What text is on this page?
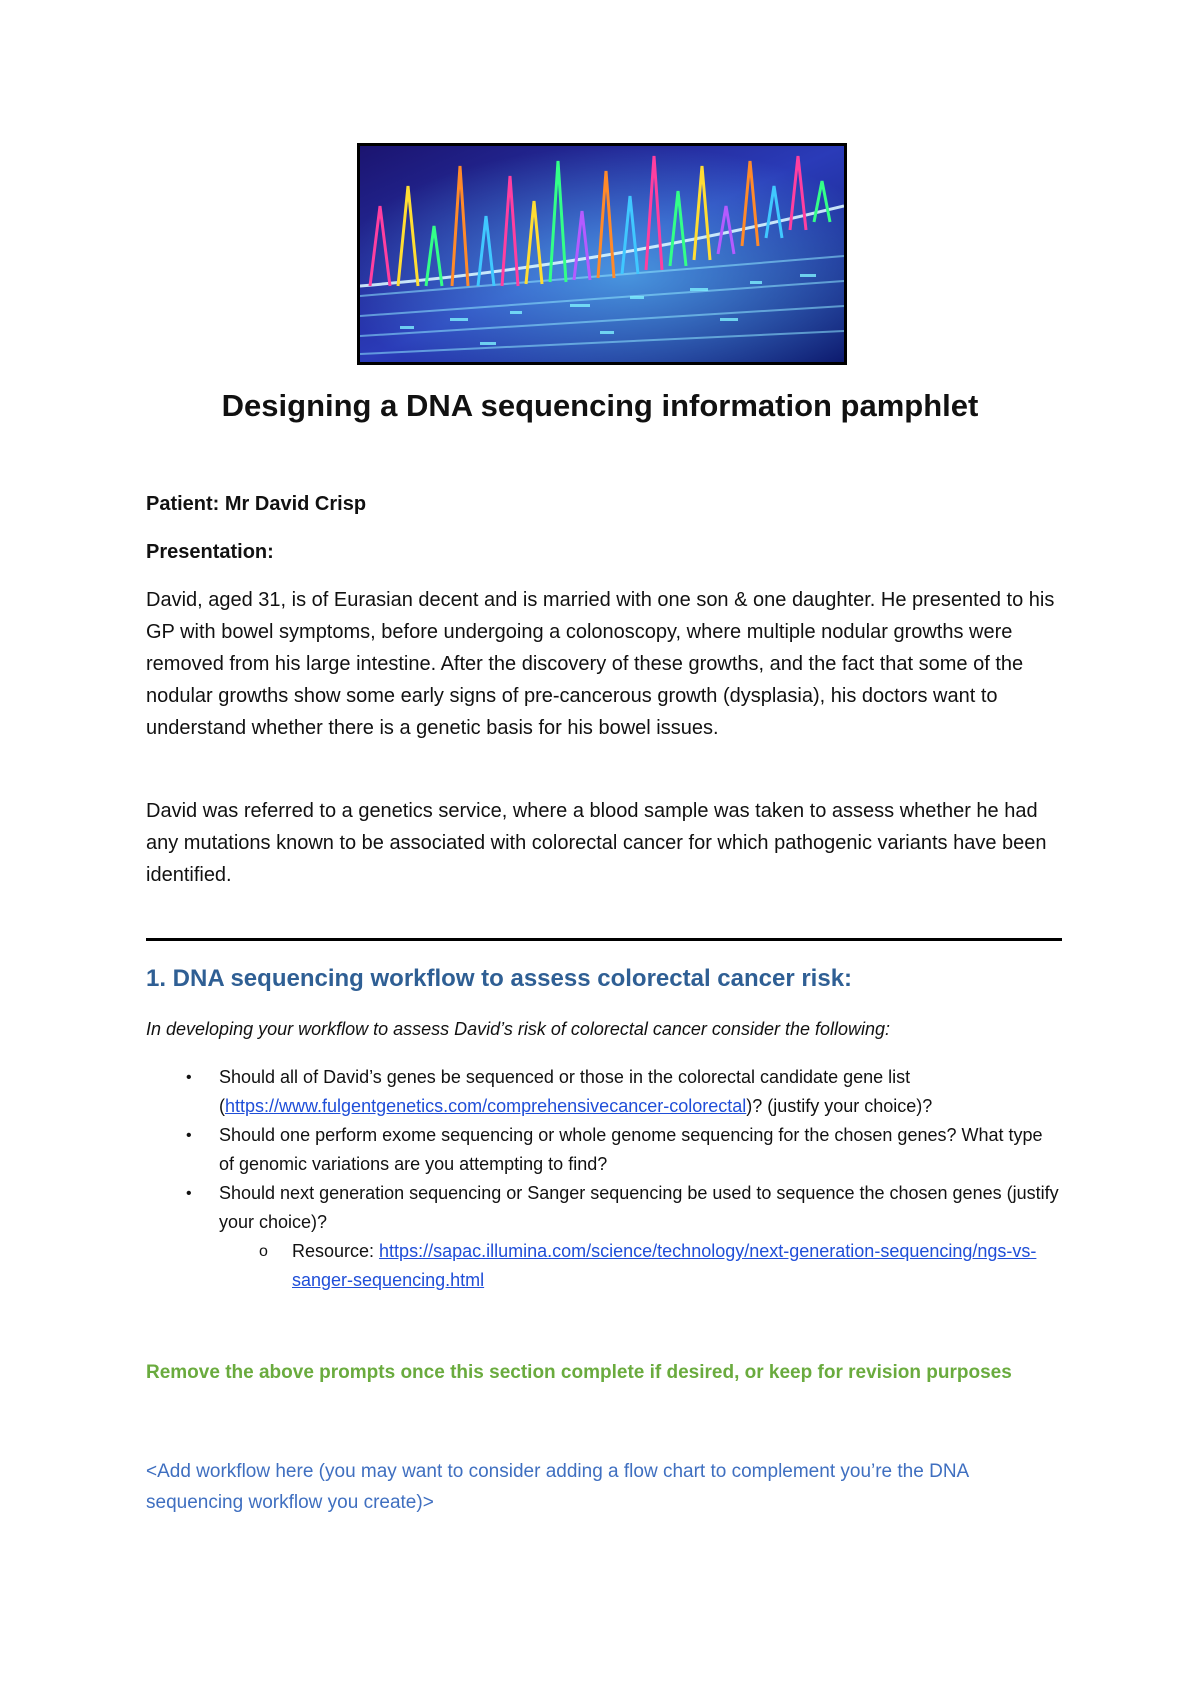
Designing a DNA sequencing information pamphlet

Patient: Mr David Crisp

Presentation:

David, aged 31, is of Eurasian decent and is married with one son & one daughter. He presented to his GP with bowel symptoms, before undergoing a colonoscopy, where multiple nodular growths were removed from his large intestine. After the discovery of these growths, and the fact that some of the nodular growths show some early signs of pre-cancerous growth (dysplasia), his doctors want to understand whether there is a genetic basis for his bowel issues.

David was referred to a genetics service, where a blood sample was taken to assess whether he had any mutations known to be associated with colorectal cancer for which pathogenic variants have been identified.

1. DNA sequencing workflow to assess colorectal cancer risk:

In developing your workflow to assess David’s risk of colorectal cancer consider the following:

• Should all of David’s genes be sequenced or those in the colorectal candidate gene list (https://www.fulgentgenetics.com/comprehensivecancer-colorectal)? (justify your choice)?
• Should one perform exome sequencing or whole genome sequencing for the chosen genes? What type of genomic variations are you attempting to find?
• Should next generation sequencing or Sanger sequencing be used to sequence the chosen genes (justify your choice)?
o Resource: https://sapac.illumina.com/science/technology/next-generation-sequencing/ngs-vs-sanger-sequencing.html

Remove the above prompts once this section complete if desired, or keep for revision purposes

<Add workflow here (you may want to consider adding a flow chart to complement you’re the DNA sequencing workflow you create)>
